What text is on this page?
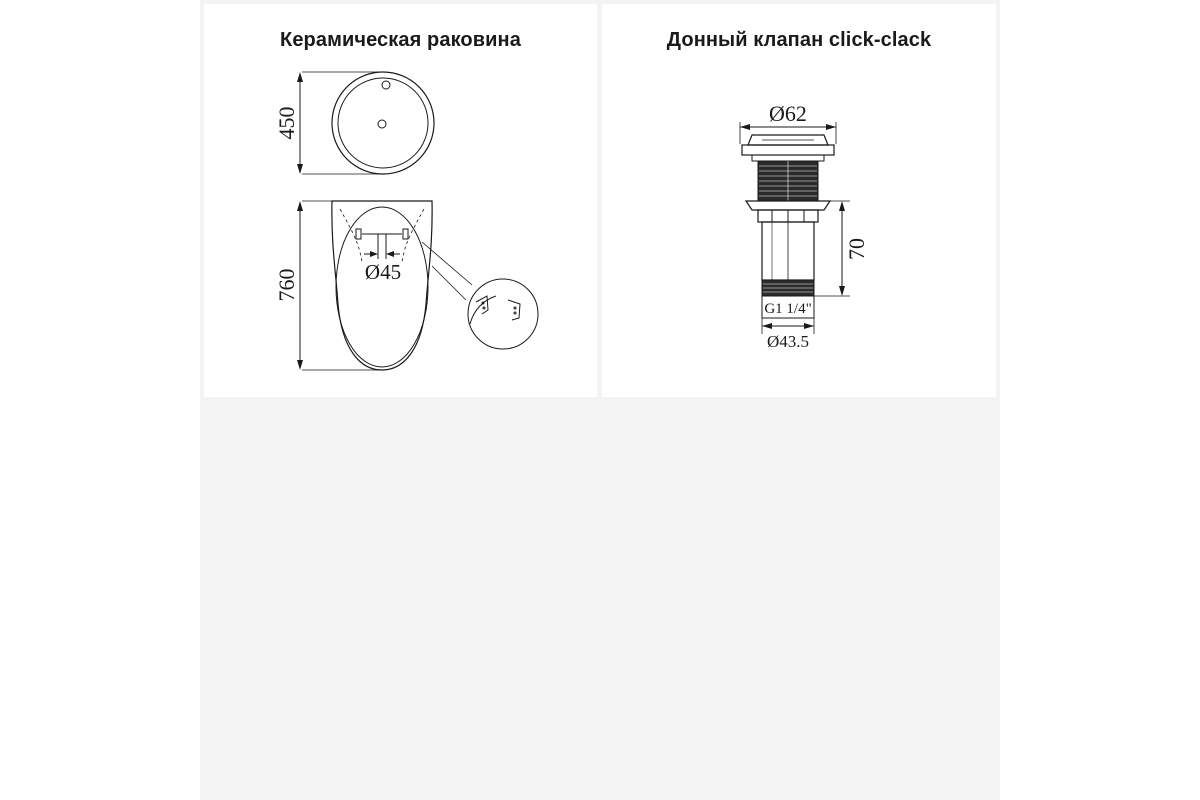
Керамическая раковина
450
760	Ø45
Донный клапан click-clack
Ø62
70
G1 1/4"
Ø43.5
